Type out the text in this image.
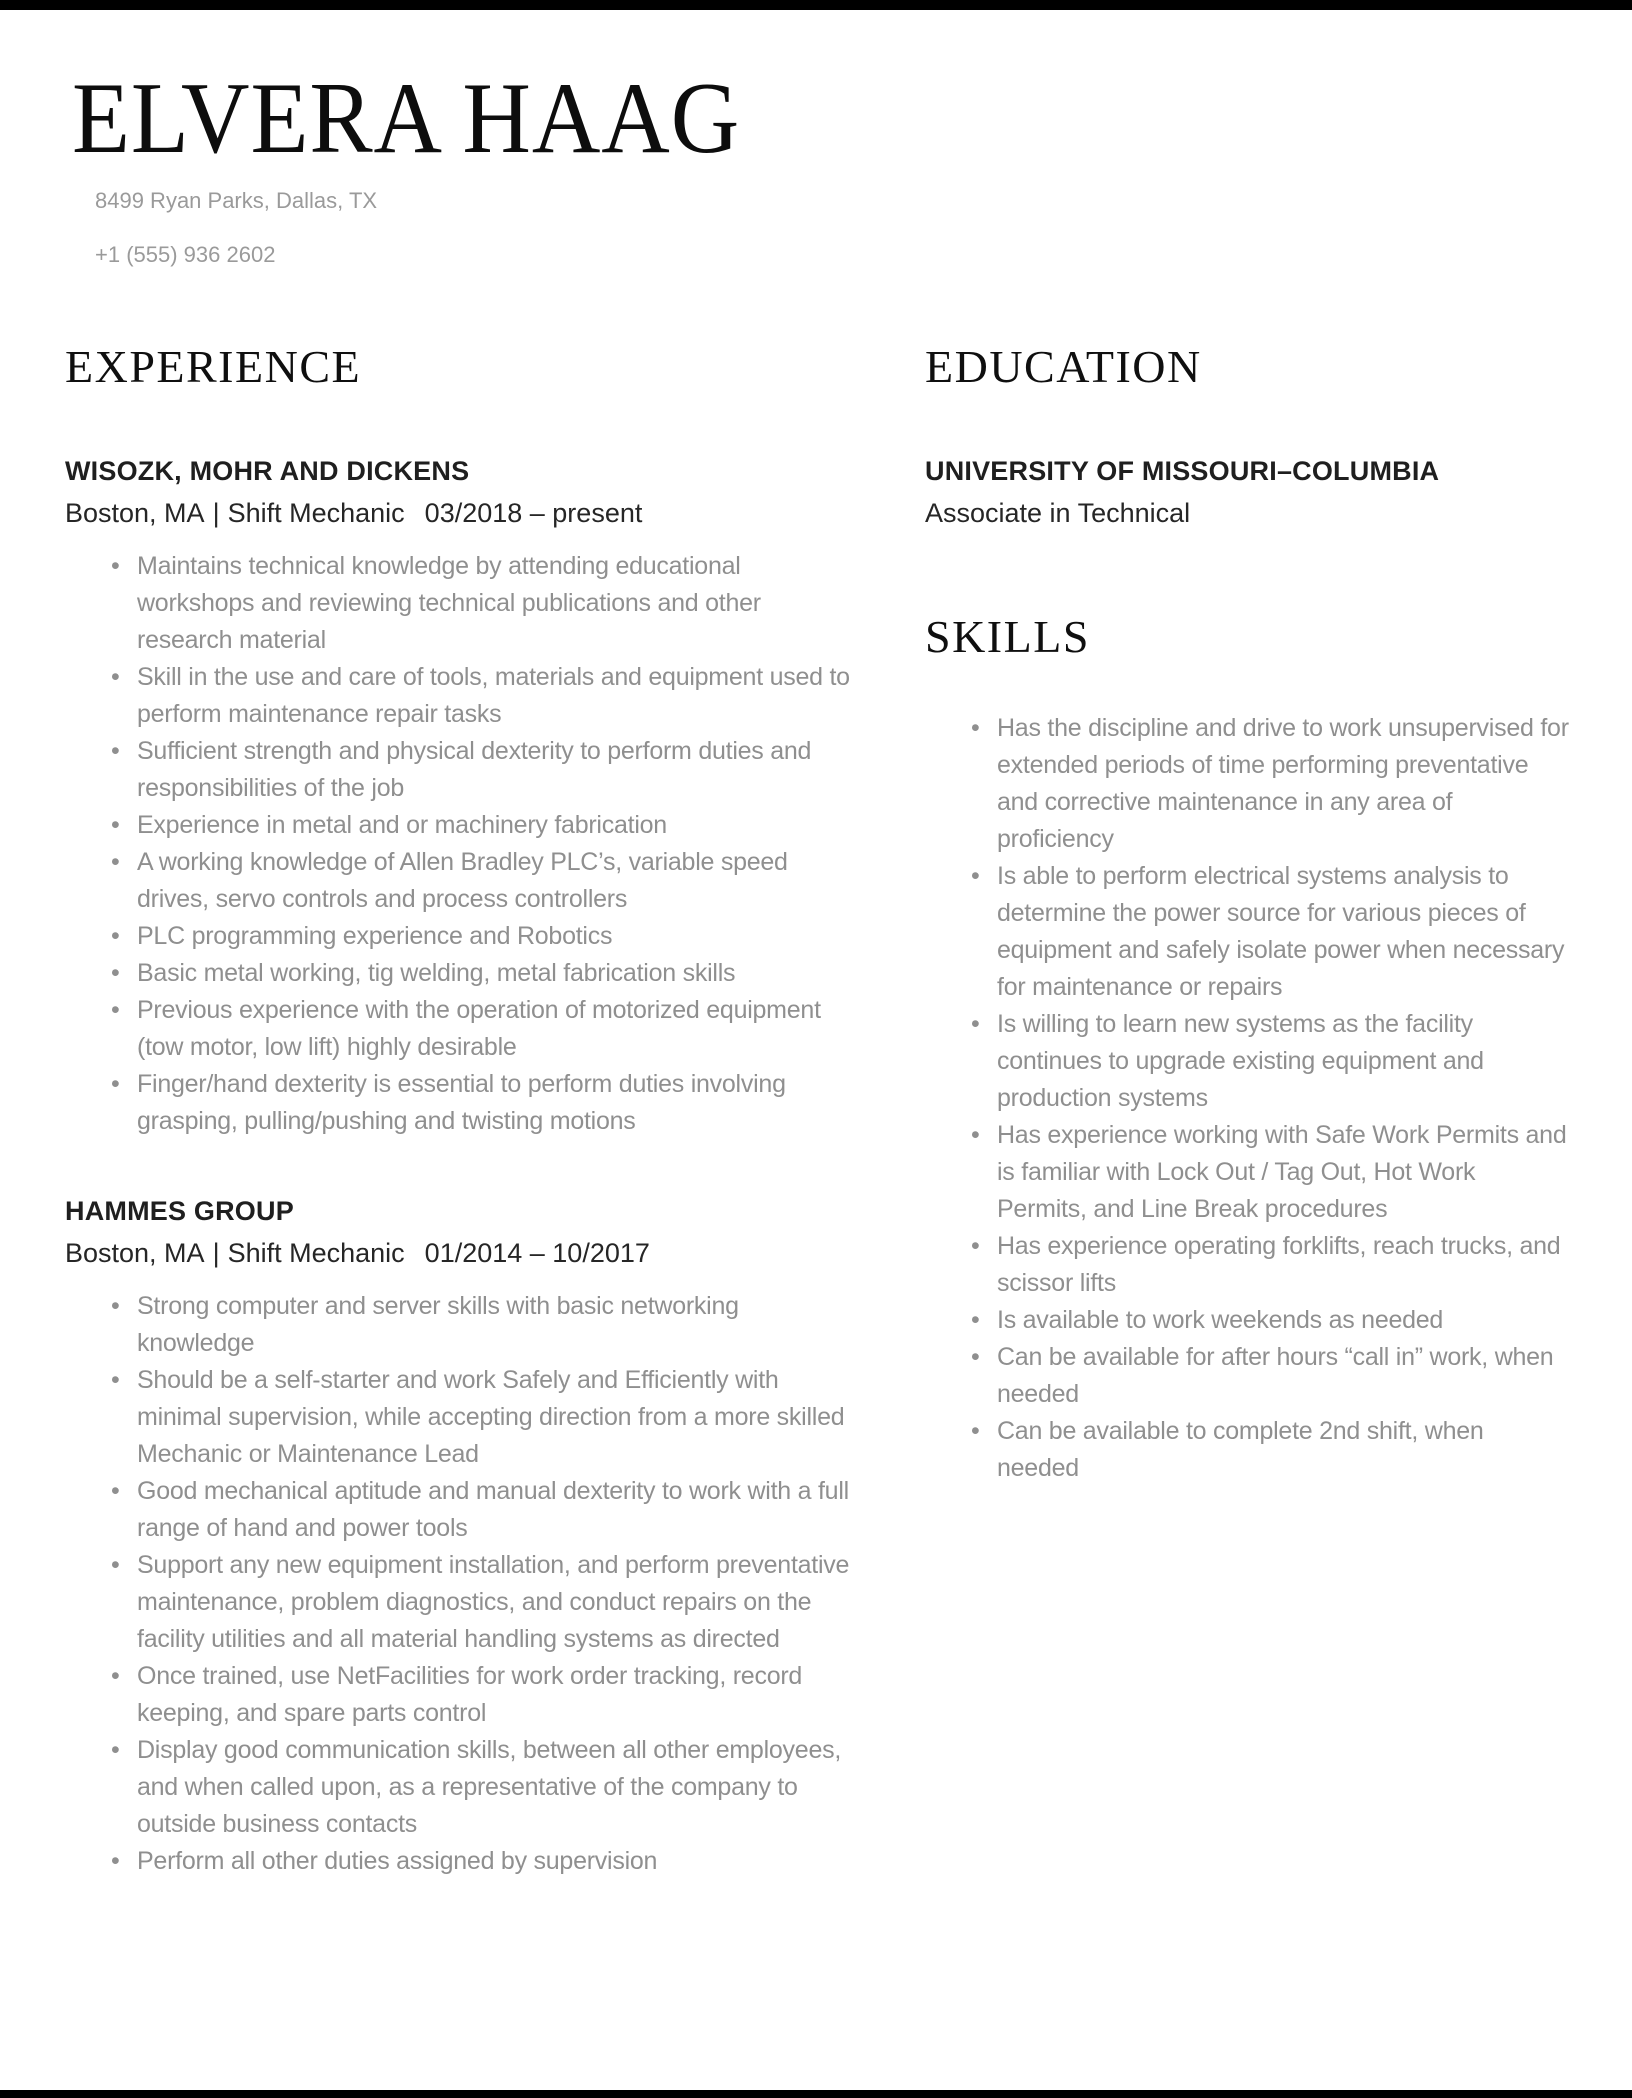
ELVERA HAAG
8499 Ryan Parks, Dallas, TX
+1 (555) 936 2602
EXPERIENCE
WISOZK, MOHR AND DICKENS
Boston, MA | Shift Mechanic 03/2018 – present
• Maintains technical knowledge by attending educational workshops and reviewing technical publications and other research material
• Skill in the use and care of tools, materials and equipment used to perform maintenance repair tasks
• Sufficient strength and physical dexterity to perform duties and responsibilities of the job
• Experience in metal and or machinery fabrication
• A working knowledge of Allen Bradley PLC’s, variable speed drives, servo controls and process controllers
• PLC programming experience and Robotics
• Basic metal working, tig welding, metal fabrication skills
• Previous experience with the operation of motorized equipment (tow motor, low lift) highly desirable
• Finger/hand dexterity is essential to perform duties involving grasping, pulling/pushing and twisting motions
HAMMES GROUP
Boston, MA | Shift Mechanic 01/2014 – 10/2017
• Strong computer and server skills with basic networking knowledge
• Should be a self-starter and work Safely and Efficiently with minimal supervision, while accepting direction from a more skilled Mechanic or Maintenance Lead
• Good mechanical aptitude and manual dexterity to work with a full range of hand and power tools
• Support any new equipment installation, and perform preventative maintenance, problem diagnostics, and conduct repairs on the facility utilities and all material handling systems as directed
• Once trained, use NetFacilities for work order tracking, record keeping, and spare parts control
• Display good communication skills, between all other employees, and when called upon, as a representative of the company to outside business contacts
• Perform all other duties assigned by supervision
EDUCATION
UNIVERSITY OF MISSOURI–COLUMBIA
Associate in Technical
SKILLS
• Has the discipline and drive to work unsupervised for extended periods of time performing preventative and corrective maintenance in any area of proficiency
• Is able to perform electrical systems analysis to determine the power source for various pieces of equipment and safely isolate power when necessary for maintenance or repairs
• Is willing to learn new systems as the facility continues to upgrade existing equipment and production systems
• Has experience working with Safe Work Permits and is familiar with Lock Out / Tag Out, Hot Work Permits, and Line Break procedures
• Has experience operating forklifts, reach trucks, and scissor lifts
• Is available to work weekends as needed
• Can be available for after hours “call in” work, when needed
• Can be available to complete 2nd shift, when needed
